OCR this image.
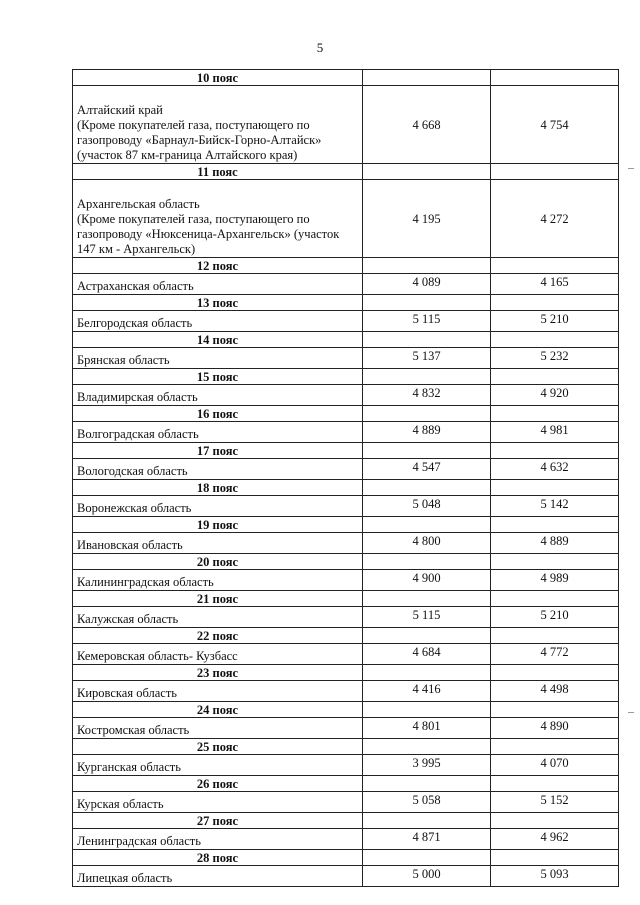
5
10 пояс		
Алтайский край
(Кроме покупателей газа, поступающего по газопроводу «Барнаул-Бийск-Горно-Алтайск» (участок 87 км-граница Алтайского края)	4 668	4 754
11 пояс		
Архангельская область
(Кроме покупателей газа, поступающего по газопроводу «Нюксеница-Архангельск» (участок 147 км - Архангельск)	4 195	4 272
12 пояс		
Астраханская область	4 089	4 165
13 пояс		
Белгородская область	5 115	5 210
14 пояс		
Брянская область	5 137	5 232
15 пояс		
Владимирская область	4 832	4 920
16 пояс		
Волгоградская область	4 889	4 981
17 пояс		
Вологодская область	4 547	4 632
18 пояс		
Воронежская область	5 048	5 142
19 пояс		
Ивановская область	4 800	4 889
20 пояс		
Калининградская область	4 900	4 989
21 пояс		
Калужская область	5 115	5 210
22 пояс		
Кемеровская область- Кузбасс	4 684	4 772
23 пояс		
Кировская область	4 416	4 498
24 пояс		
Костромская область	4 801	4 890
25 пояс		
Курганская область	3 995	4 070
26 пояс		
Курская область	5 058	5 152
27 пояс		
Ленинградская область	4 871	4 962
28 пояс		
Липецкая область	5 000	5 093
